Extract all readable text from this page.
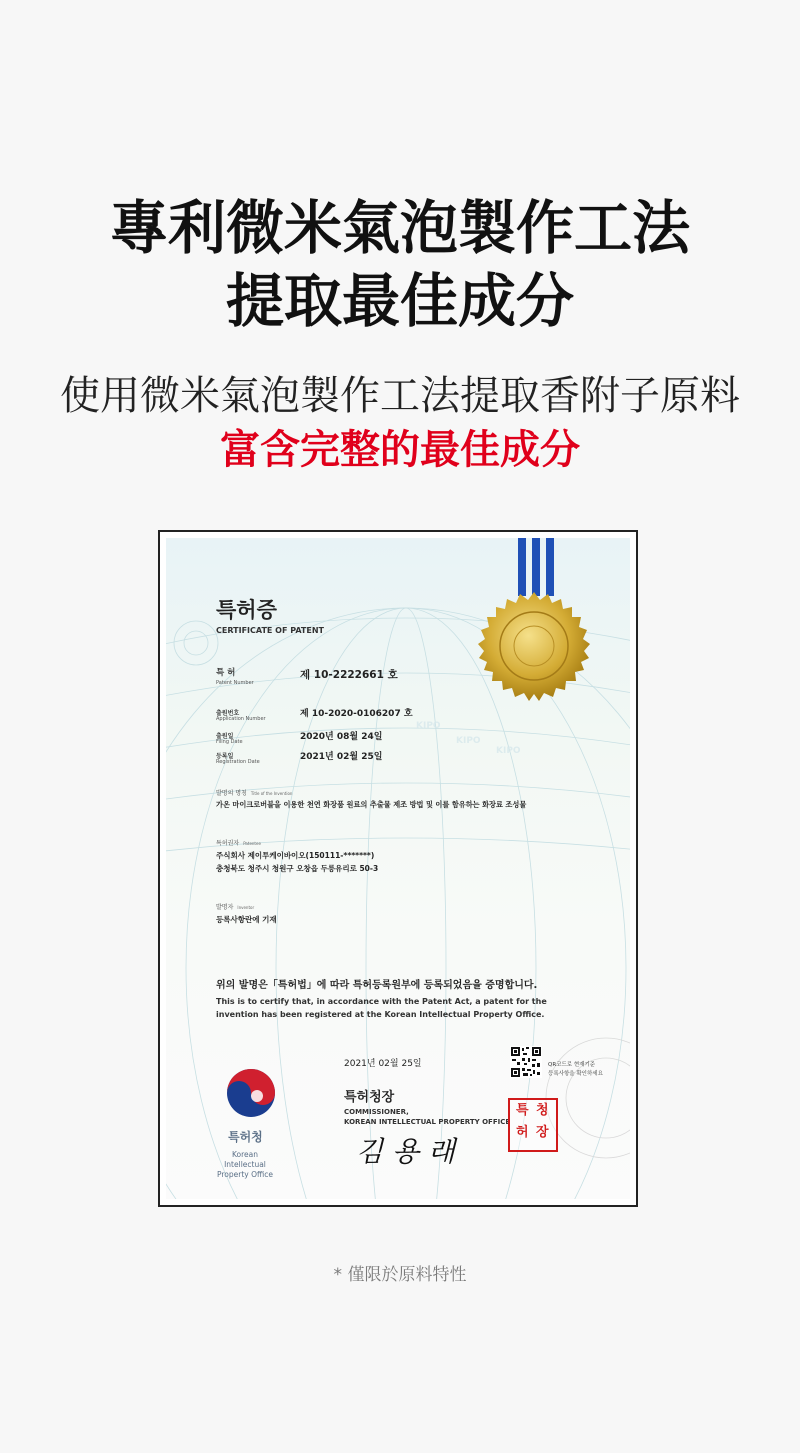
專利微米氣泡製作工法
提取最佳成分
使用微米氣泡製作工法提取香附子原料
富含完整的最佳成分
KIPO
KIPO
KIPO
특허증
CERTIFICATE OF PATENT
특 허
Patent Number
제 10-2222661 호
출원번호
Application Number	제 10-2020-0106207 호
출원일
Filing Date	2020년 08월 24일
등록일
Registration Date	2021년 02월 25일
발명의 명칭 Title of the Invention
가온 마이크로버블을 이용한 천연 화장품 원료의 추출물 제조 방법 및 이를 함유하는 화장료 조성물
특허권자 Patentee
주식회사 제이투케이바이오(150111-*******)
충청북도 청주시 청원구 오창읍 두릉유리로 50-3
발명자 Inventor
등록사항란에 기재
위의 발명은「특허법」에 따라 특허등록원부에 등록되었음을 증명합니다.
This is to certify that, in accordance with the Patent Act, a patent for the
invention has been registered at the Korean Intellectual Property Office.
2021년 02월 25일	QR코드로 현재기준
등록사항을 확인하세요
특허청장
COMMISSIONER,
KOREAN INTELLECTUAL PROPERTY OFFICE
김 용 래
특 청
허 장
특허청
Korean Intellectual Property Office
* 僅限於原料特性
